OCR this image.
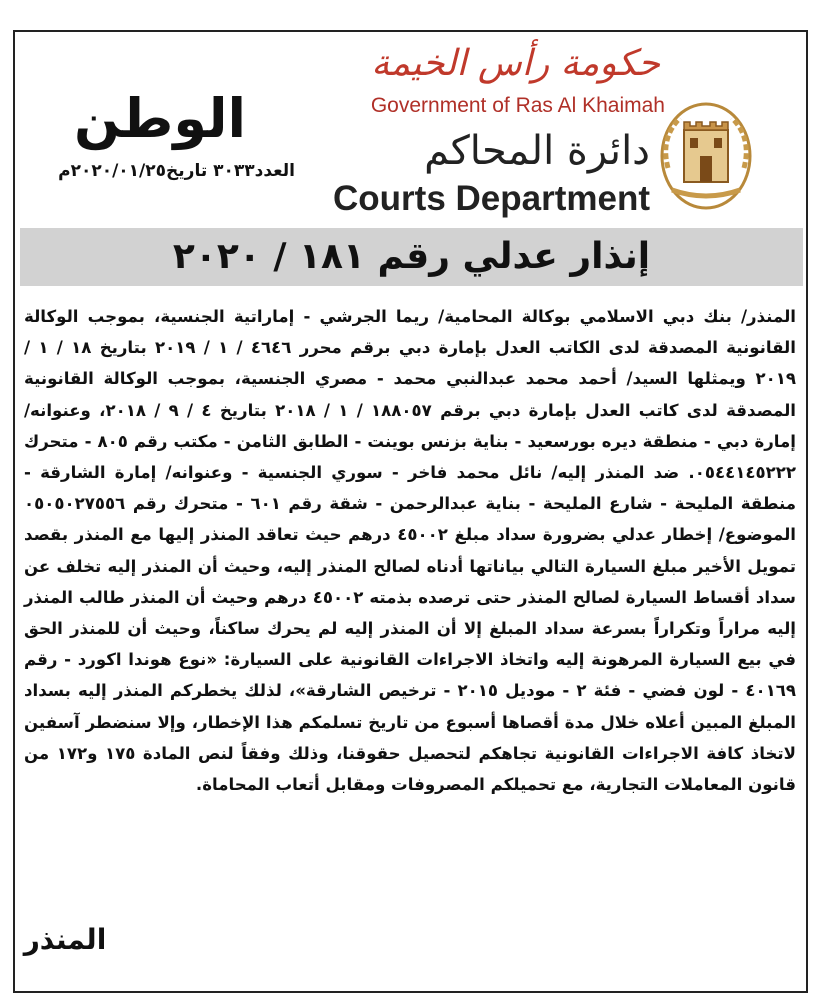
حكومة رأس الخيمة
Government of Ras Al Khaimah
دائرة المحاكم
Courts Department
الوطن
العدد٣٠٣٣ تاريخ٢٠٢٠/٠١/٢٥م
إنذار عدلي رقم ١٨١ / ٢٠٢٠
المنذر/ بنك دبي الاسلامي بوكالة المحامية/ ريما الجرشي - إماراتية الجنسية، بموجب الوكالة القانونية المصدقة لدى الكاتب العدل بإمارة دبي برقم محرر ٤٦٤٦ / ١ / ٢٠١٩ بتاريخ ١٨ / ١ / ٢٠١٩ ويمثلها السيد/ أحمد محمد عبدالنبي محمد - مصري الجنسية، بموجب الوكالة القانونية المصدقة لدى كاتب العدل بإمارة دبي برقم ١٨٨٠٥٧ / ١ / ٢٠١٨ بتاريخ ٤ / ٩ / ٢٠١٨، وعنوانه/ إمارة دبي - منطقة ديره بورسعيد - بناية بزنس بوينت - الطابق الثامن - مكتب رقم ٨٠٥ - متحرك ٠٥٤٤١٤٥٢٢٢. ضد المنذر إليه/ نائل محمد فاخر - سوري الجنسية - وعنوانه/ إمارة الشارقة - منطقة المليحة - شارع المليحة - بناية عبدالرحمن - شقة رقم ٦٠١ - متحرك رقم ٠٥٠٥٠٢٧٥٥٦ الموضوع/ إخطار عدلي بضرورة سداد مبلغ ٤٥٠٠٢ درهم حيث تعاقد المنذر إليها مع المنذر بقصد تمويل الأخير مبلغ السيارة التالي بياناتها أدناه لصالح المنذر إليه، وحيث أن المنذر إليه تخلف عن سداد أقساط السيارة لصالح المنذر حتى ترصده بذمته ٤٥٠٠٢ درهم وحيث أن المنذر طالب المنذر إليه مراراً وتكراراً بسرعة سداد المبلغ إلا أن المنذر إليه لم يحرك ساكناً، وحيث أن للمنذر الحق في بيع السيارة المرهونة إليه واتخاذ الاجراءات القانونية على السيارة: «نوع هوندا اكورد - رقم ٤٠١٦٩ - لون فضي - فئة ٢ - موديل ٢٠١٥ - ترخيص الشارقة»، لذلك يخطركم المنذر إليه بسداد المبلغ المبين أعلاه خلال مدة أقصاها أسبوع من تاريخ تسلمكم هذا الإخطار، وإلا سنضطر آسفين لاتخاذ كافة الاجراءات القانونية تجاهكم لتحصيل حقوقنا، وذلك وفقاً لنص المادة ١٧٥ و١٧٢ من قانون المعاملات التجارية، مع تحميلكم المصروفات ومقابل أتعاب المحاماة.
المنذر
